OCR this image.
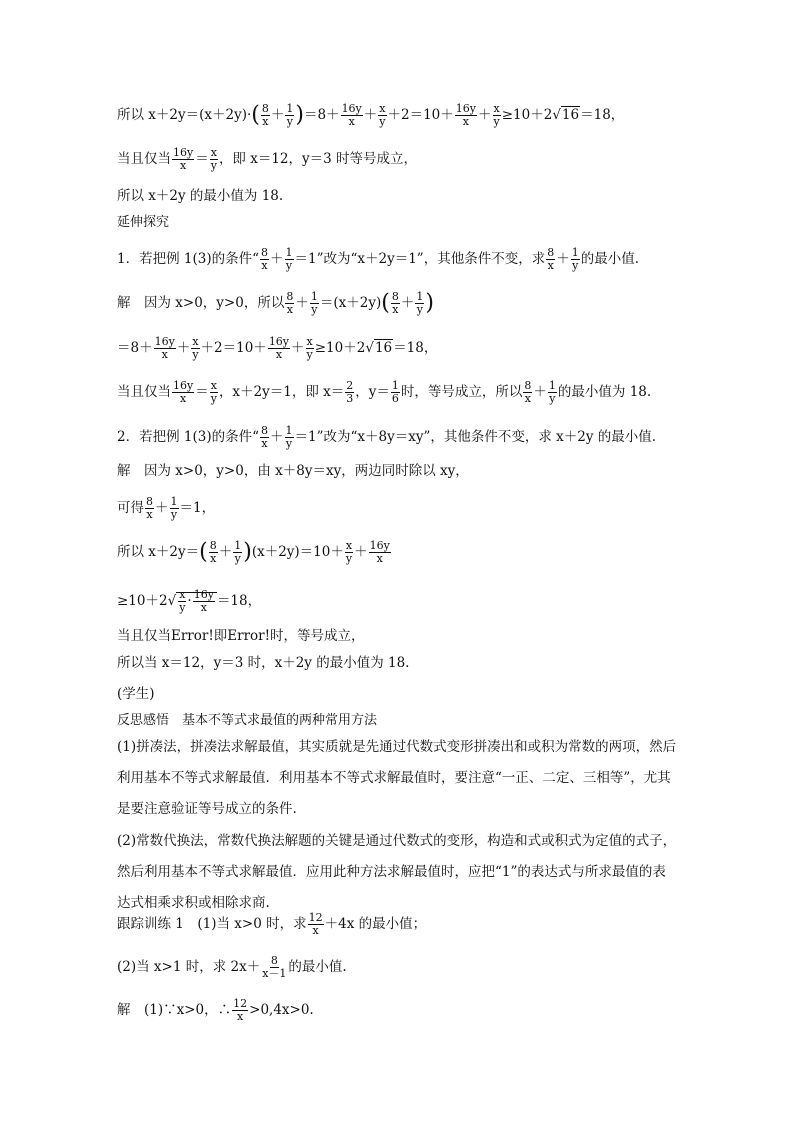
所以 $x+2y=(x+2y)\cdot( \frac{8}{x} + \frac{1}{y} )=8+ \frac{16y}{x} + \frac{x}{y} +2=10+ \frac{16y}{x} + \frac{x}{y} \ge 10+2√16=18$，
当且仅当 $\frac{16y}{x} = \frac{x}{y}$ ，即 x＝12，y＝3 时等号成立，
所以 x＋2y 的最小值为 18.
延伸探究
1．若把例 1(3)的条件“ $\frac{8}{x} + \frac{1}{y} =1$”改为“x＋2y＝1”，其他条件不变，求 $\frac{8}{x} + \frac{1}{y}$ 的最小值.
解　因为 x>0，y>0，所以 $\frac{8}{x} + \frac{1}{y} =(x+2y)( \frac{8}{x} + \frac{1}{y}$ )
$=8+ \frac{16y}{x} + \frac{x}{y} +2=10+ \frac{16y}{x} + \frac{x}{y} \ge 10+2√16=18$，
当且仅当 $\frac{16y}{x} = \frac{x}{y}$ ，x＋2y＝1，即 $x= \frac{2}{3}$ ，$y= \frac{1}{6}$ 时，等号成立，所以 $\frac{8}{x} + \frac{1}{y}$ 的最小值为 18.
2．若把例 1(3)的条件“ $\frac{8}{x} + \frac{1}{y} =1$”改为“x＋8y＝xy”，其他条件不变，求 x＋2y 的最小值.
解　因为 x>0，y>0，由 x＋8y＝xy，两边同时除以 xy，
可得 $\frac{8}{x} + \frac{1}{y} =1$，
所以 $x+2y=( \frac{8}{x} + \frac{1}{y} )(x+2y)=10+ \frac{x}{y} + \frac{16y}{x}$
$\ge 10+2√ \frac{x}{y} \cdot \frac{16y}{x} =18$，
当且仅当Error!即Error!时，等号成立，
所以当 x＝12，y＝3 时，x＋2y 的最小值为 18.
(学生)
反思感悟　基本不等式求最值的两种常用方法
(1)拼凑法，拼凑法求解最值，其实质就是先通过代数式变形拼凑出和或积为常数的两项，然后利用基本不等式求解最值．利用基本不等式求解最值时，要注意“一正、二定、三相等”，尤其是要注意验证等号成立的条件.
(2)常数代换法，常数代换法解题的关键是通过代数式的变形，构造和式或积式为定值的式子，然后利用基本不等式求解最值．应用此种方法求解最值时，应把“1”的表达式与所求最值的表达式相乘求积或相除求商.
跟踪训练 1　(1)当 x>0 时，求 $\frac{12}{x} +4x$ 的最小值；
(2)当 x>1 时，求 $2x+ \frac{8}{x-1}$ 的最小值.
解　(1)∵x>0，∴ $\frac{12}{x} >0,4x>0$.
